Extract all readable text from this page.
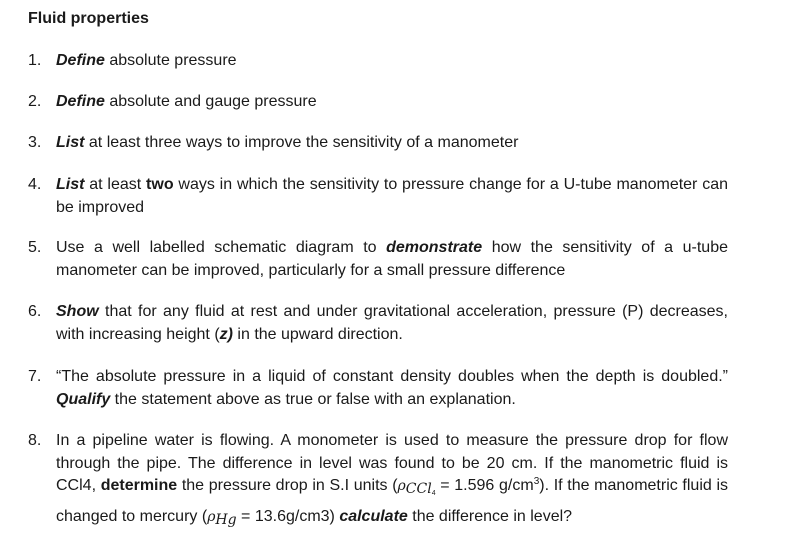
Fluid properties
1. Define absolute pressure
2. Define absolute and gauge pressure
3. List at least three ways to improve the sensitivity of a manometer
4. List at least two ways in which the sensitivity to pressure change for a U-tube manometer can be improved
5. Use a well labelled schematic diagram to demonstrate how the sensitivity of a u-tube manometer can be improved, particularly for a small pressure difference
6. Show that for any fluid at rest and under gravitational acceleration, pressure (P) decreases, with increasing height (z) in the upward direction.
7. “The absolute pressure in a liquid of constant density doubles when the depth is doubled.” Qualify the statement above as true or false with an explanation.
8. In a pipeline water is flowing. A monometer is used to measure the pressure drop for flow through the pipe. The difference in level was found to be 20 cm. If the manometric fluid is CCl4, determine the pressure drop in S.I units ($\rho_{CCl4} = 1.596$ $g/cm^3$). If the manometric fluid is changed to mercury $(\rho_{Hg} = 13.6g/cm3)$ calculate the difference in level?
